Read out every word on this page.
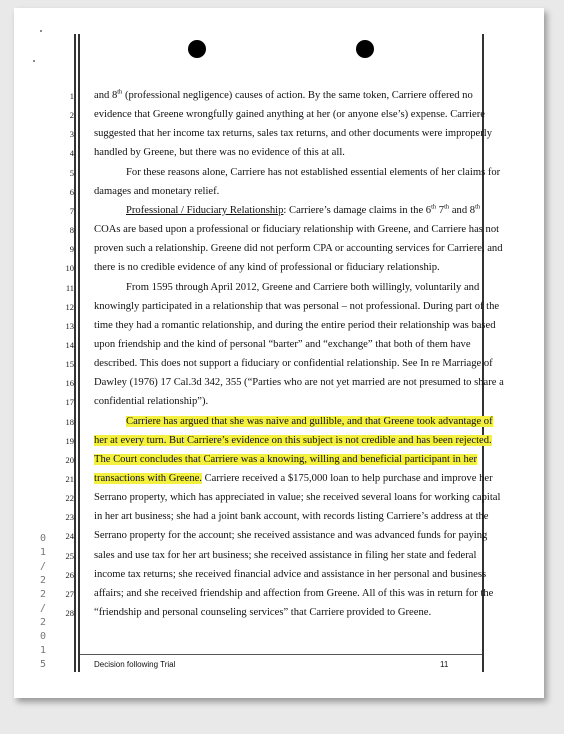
1 and 8th (professional negligence) causes of action. By the same token, Carriere offered no
2 evidence that Greene wrongfully gained anything at her (or anyone else’s) expense. Carriere
3 suggested that her income tax returns, sales tax returns, and other documents were improperly
4 handled by Greene, but there was no evidence of this at all.
5	For these reasons alone, Carriere has not established essential elements of her claims for
6 damages and monetary relief.
7	Professional / Fiduciary Relationship: Carriere’s damage claims in the 6th 7th and 8th
8 COAs are based upon a professional or fiduciary relationship with Greene, and Carriere has not
9 proven such a relationship. Greene did not perform CPA or accounting services for Carriere, and
10 there is no credible evidence of any kind of professional or fiduciary relationship.
11	From 1595 through April 2012, Greene and Carriere both willingly, voluntarily and
12 knowingly participated in a relationship that was personal – not professional. During part of the
13 time they had a romantic relationship, and during the entire period their relationship was based
14 upon friendship and the kind of personal “barter” and “exchange” that both of them have
15 described. This does not support a fiduciary or confidential relationship. See In re Marriage of
16 Dawley (1976) 17 Cal.3d 342, 355 (“Parties who are not yet married are not presumed to share a
17 confidential relationship”).
18	Carriere has argued that she was naive and gullible, and that Greene took advantage of
19 her at every turn. But Carriere’s evidence on this subject is not credible and has been rejected.
20 The Court concludes that Carriere was a knowing, willing and beneficial participant in her
21 transactions with Greene. Carriere received a $175,000 loan to help purchase and improve her
22 Serrano property, which has appreciated in value; she received several loans for working capital
23 in her art business; she had a joint bank account, with records listing Carriere’s address at the
24 Serrano property for the account; she received assistance and was advanced funds for paying
25 sales and use tax for her art business; she received assistance in filing her state and federal
26 income tax returns; she received financial advice and assistance in her personal and business
27 affairs; and she received friendship and affection from Greene. All of this was in return for the
28 “friendship and personal counseling services” that Carriere provided to Greene.
0
1
/
2
2
/
2
0
1
5	Decision following Trial	11
